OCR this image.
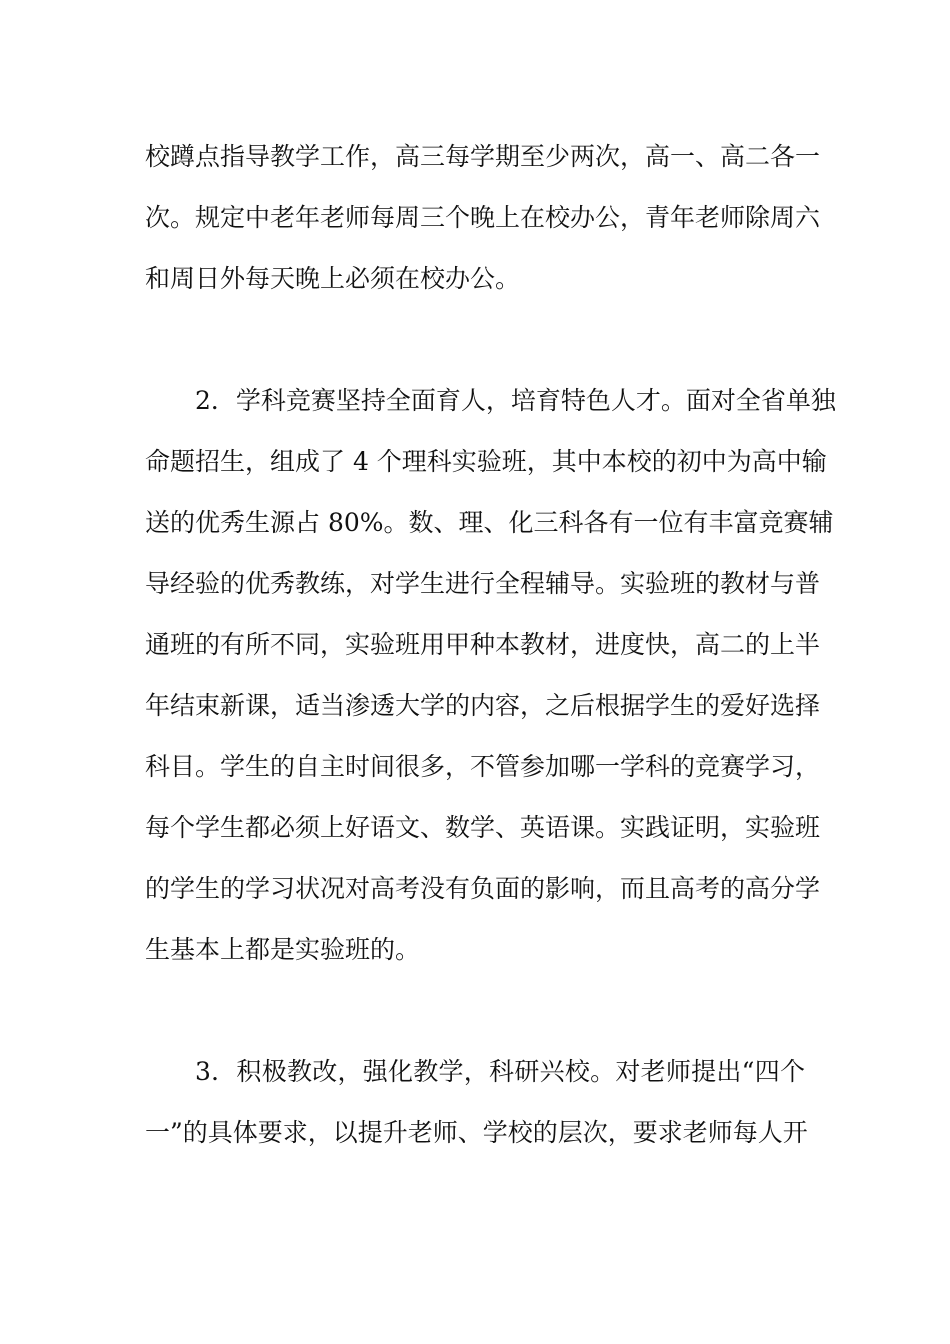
校蹲点指导教学工作，高三每学期至少两次，高一、高二各一
次。规定中老年老师每周三个晚上在校办公，青年老师除周六
和周日外每天晚上必须在校办公。
2．学科竞赛坚持全面育人，培育特色人才。面对全省单独
命题招生，组成了 4 个理科实验班，其中本校的初中为高中输
送的优秀生源占 80%。数、理、化三科各有一位有丰富竞赛辅
导经验的优秀教练，对学生进行全程辅导。实验班的教材与普
通班的有所不同，实验班用甲种本教材，进度快，高二的上半
年结束新课，适当渗透大学的内容，之后根据学生的爱好选择
科目。学生的自主时间很多，不管参加哪一学科的竞赛学习，
每个学生都必须上好语文、数学、英语课。实践证明，实验班
的学生的学习状况对高考没有负面的影响，而且高考的高分学
生基本上都是实验班的。
3．积极教改，强化教学，科研兴校。对老师提出“四个
一”的具体要求，以提升老师、学校的层次，要求老师每人开
